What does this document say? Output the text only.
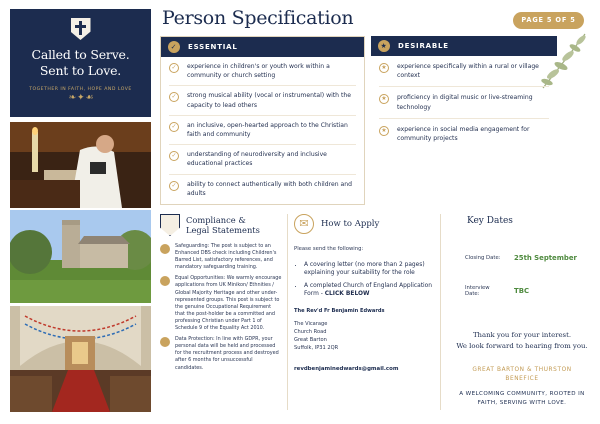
Called to Serve.
Sent to Love.
TOGETHER IN FAITH, HOPE AND LOVE
❧ ✦ ☙
Person Specification	PAGE 5 OF 5
✓	ESSENTIAL
✓	experience in children's or youth work within a community or church setting
✓	strong musical ability (vocal or instrumental) with the capacity to lead others
✓	an inclusive, open-hearted approach to the Christian faith and community
✓	understanding of neurodiversity and inclusive educational practices
✓	ability to connect authentically with both children and adults
★	DESIRABLE
★	experience specifically within a rural or village context
★	proficiency in digital music or live-streaming technology
★	experience in social media engagement for community projects
Compliance &
Legal Statements
Safeguarding: The post is subject to an Enhanced DBS check including Children's Barred List, satisfactory references, and mandatory safeguarding training.
Equal Opportunities: We warmly encourage applications from UK Minikon/ Ethnities / Global Majority Heritage and other under-represented groups. This post is subject to the genuine Occupational Requirement that the post-holder be a committed and professing Christian under Part 1 of Schedule 9 of the Equality Act 2010.
Data Protection: In line with GDPR, your personal data will be held and processed for the recruitment process and destroyed after 6 months for unsuccessful candidates.
✉	How to Apply
Please send the following:
• A covering letter (no more than 2 pages) explaining your suitability for the role
• A completed Church of England Application Form - CLICK BELOW
The Rev'd Fr Benjamin Edwards
The Vicarage
Church Road
Great Barton
Suffolk, IP31 2QR
revdbenjaminedwards@gmail.com
Key Dates
Closing Date:	25th September
Interview Date:	TBC
Thank you for your interest.
We look forward to hearing from you.
GREAT BARTON & THURSTON
BENEFICE
A WELCOMING COMMUNITY, ROOTED IN
FAITH, SERVING WITH LOVE.
